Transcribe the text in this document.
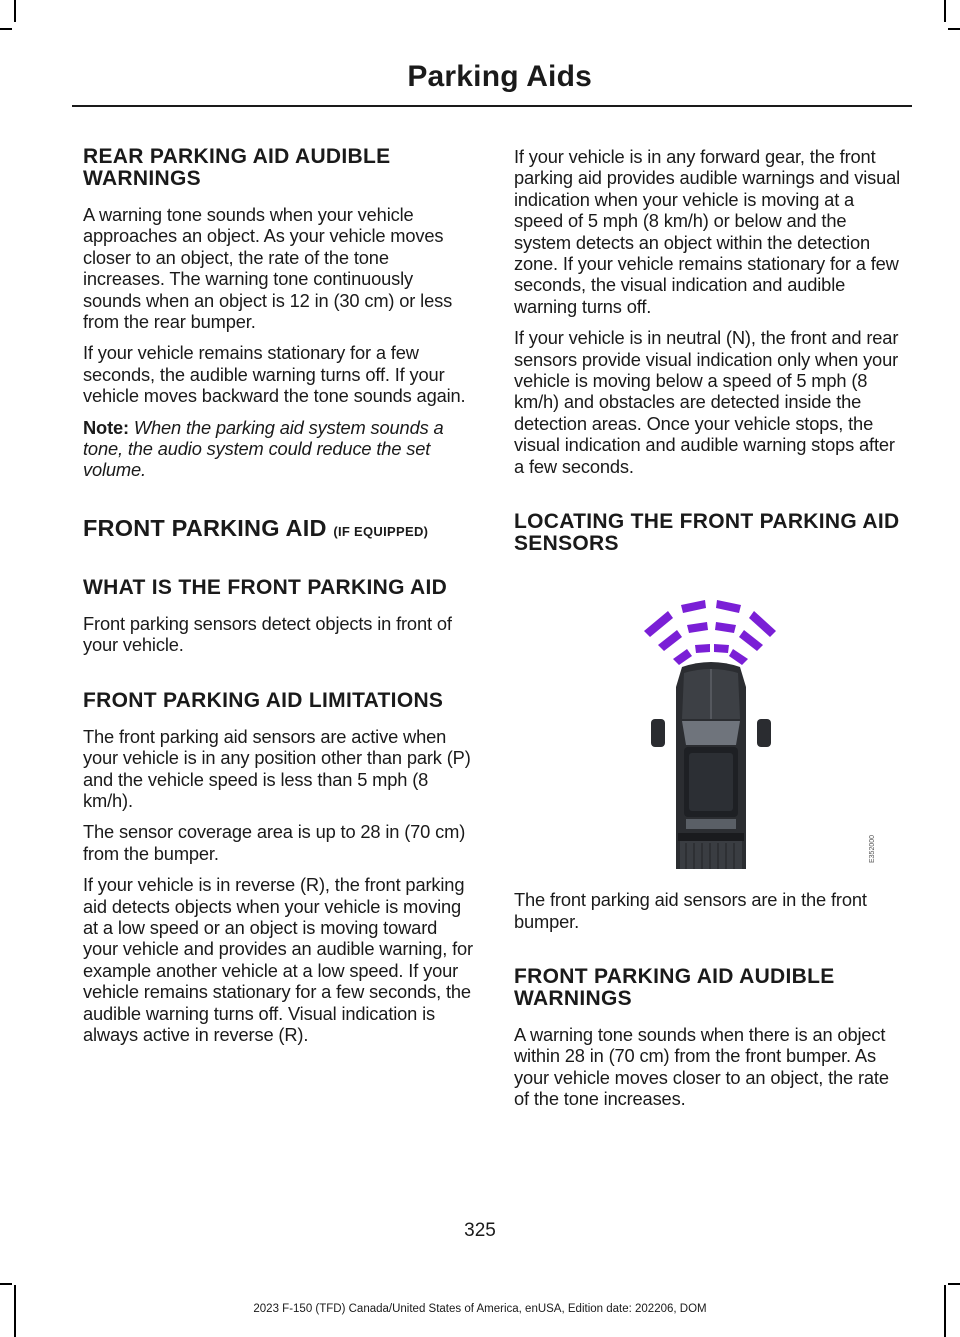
Parking Aids
REAR PARKING AID AUDIBLE WARNINGS

A warning tone sounds when your vehicle approaches an object. As your vehicle moves closer to an object, the rate of the tone increases. The warning tone continuously sounds when an object is 12 in (30 cm) or less from the rear bumper.

If your vehicle remains stationary for a few seconds, the audible warning turns off. If your vehicle moves backward the tone sounds again.

Note: When the parking aid system sounds a tone, the audio system could reduce the set volume.

FRONT PARKING AID (IF EQUIPPED)
WHAT IS THE FRONT PARKING AID

Front parking sensors detect objects in front of your vehicle.

FRONT PARKING AID LIMITATIONS

The front parking aid sensors are active when your vehicle is in any position other than park (P) and the vehicle speed is less than 5 mph (8 km/h).

The sensor coverage area is up to 28 in (70 cm) from the bumper.

If your vehicle is in reverse (R), the front parking aid detects objects when your vehicle is moving at a low speed or an object is moving toward your vehicle and provides an audible warning, for example another vehicle at a low speed. If your vehicle remains stationary for a few seconds, the audible warning turns off. Visual indication is always active in reverse (R).

If your vehicle is in any forward gear, the front parking aid provides audible warnings and visual indication when your vehicle is moving at a speed of 5 mph (8 km/h) or below and the system detects an object within the detection zone. If your vehicle remains stationary for a few seconds, the visual indication and audible warning turns off.

If your vehicle is in neutral (N), the front and rear sensors provide visual indication only when your vehicle is moving below a speed of 5 mph (8 km/h) and obstacles are detected inside the detection areas. Once your vehicle stops, the visual indication and audible warning stops after a few seconds.

LOCATING THE FRONT PARKING AID SENSORS
E352000

The front parking aid sensors are in the front bumper.

FRONT PARKING AID AUDIBLE WARNINGS

A warning tone sounds when there is an object within 28 in (70 cm) from the front bumper. As your vehicle moves closer to an object, the rate of the tone increases.

325
2023 F-150 (TFD) Canada/United States of America, enUSA, Edition date: 202206, DOM
